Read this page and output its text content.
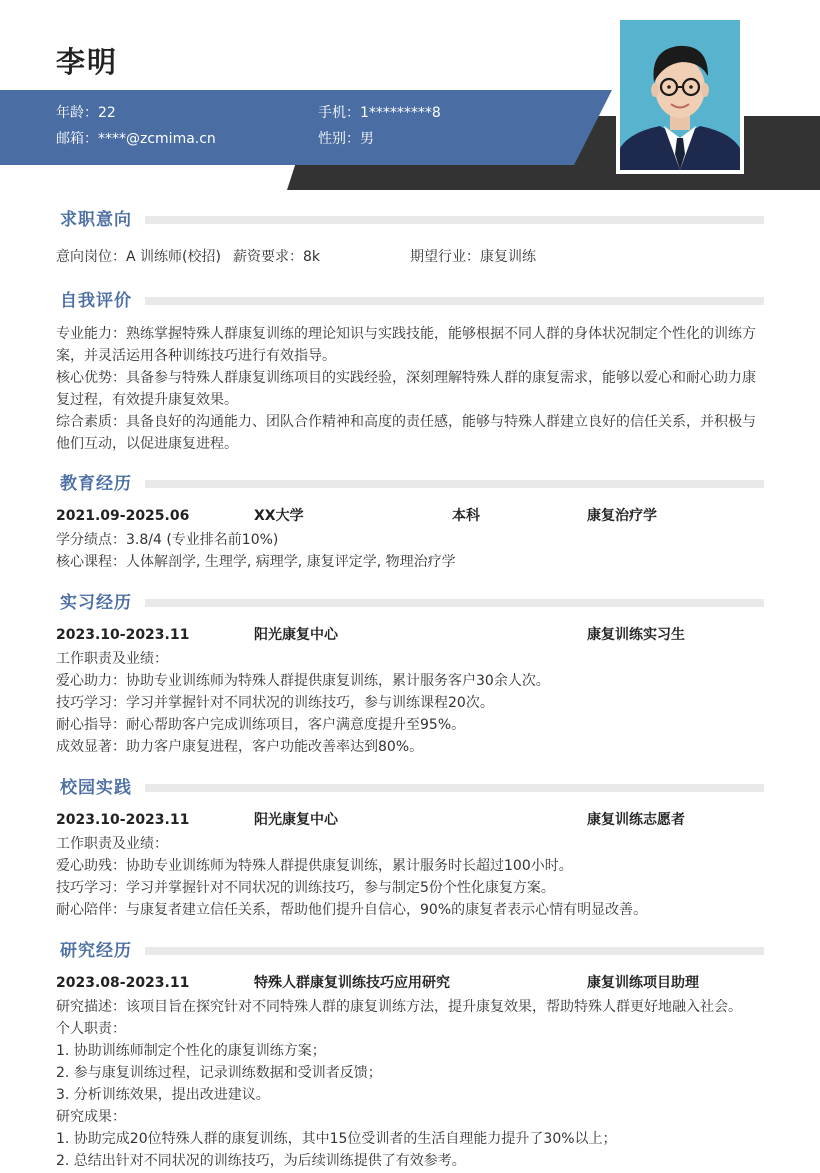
李明
年龄：22	手机：1*********8
邮箱：****@zcmima.cn	性别：男
求职意向
意向岗位：A 训练师(校招) 薪资要求：8k	期望行业：康复训练
自我评价
专业能力：熟练掌握特殊人群康复训练的理论知识与实践技能，能够根据不同人群的身体状况制定个性化的训练方案，并灵活运用各种训练技巧进行有效指导。
核心优势：具备参与特殊人群康复训练项目的实践经验，深刻理解特殊人群的康复需求，能够以爱心和耐心助力康复过程，有效提升康复效果。
综合素质：具备良好的沟通能力、团队合作精神和高度的责任感，能够与特殊人群建立良好的信任关系，并积极与他们互动，以促进康复进程。
教育经历
2021.09-2025.06	XX大学	本科	康复治疗学
学分绩点：3.8/4 (专业排名前10%)
核心课程：人体解剖学, 生理学, 病理学, 康复评定学, 物理治疗学
实习经历
2023.10-2023.11	阳光康复中心	康复训练实习生
工作职责及业绩：
爱心助力：协助专业训练师为特殊人群提供康复训练，累计服务客户30余人次。
技巧学习：学习并掌握针对不同状况的训练技巧，参与训练课程20次。
耐心指导：耐心帮助客户完成训练项目，客户满意度提升至95%。
成效显著：助力客户康复进程，客户功能改善率达到80%。
校园实践
2023.10-2023.11	阳光康复中心	康复训练志愿者
工作职责及业绩：
爱心助残：协助专业训练师为特殊人群提供康复训练，累计服务时长超过100小时。
技巧学习：学习并掌握针对不同状况的训练技巧，参与制定5份个性化康复方案。
耐心陪伴：与康复者建立信任关系，帮助他们提升自信心，90%的康复者表示心情有明显改善。
研究经历
2023.08-2023.11	特殊人群康复训练技巧应用研究	康复训练项目助理
研究描述：该项目旨在探究针对不同特殊人群的康复训练方法，提升康复效果，帮助特殊人群更好地融入社会。
个人职责：
1. 协助训练师制定个性化的康复训练方案；
2. 参与康复训练过程，记录训练数据和受训者反馈；
3. 分析训练效果，提出改进建议。
研究成果：
1. 协助完成20位特殊人群的康复训练，其中15位受训者的生活自理能力提升了30%以上；
2. 总结出针对不同状况的训练技巧，为后续训练提供了有效参考。
